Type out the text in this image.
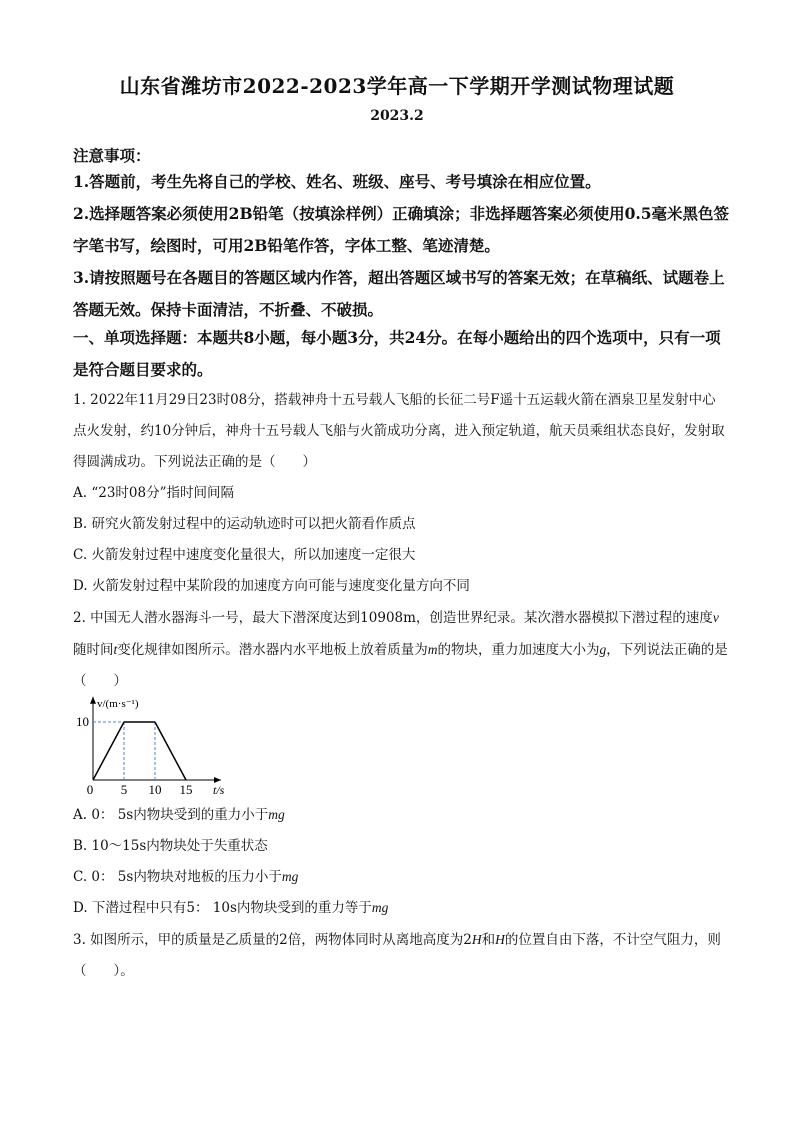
山东省潍坊市2022-2023学年高一下学期开学测试物理试题
2023.2

注意事项：

1.答题前，考生先将自己的学校、姓名、班级、座号、考号填涂在相应位置。

2.选择题答案必须使用2B铅笔（按填涂样例）正确填涂；非选择题答案必须使用0.5毫米黑色签字笔书写，绘图时，可用2B铅笔作答，字体工整、笔迹清楚。

3.请按照题号在各题目的答题区域内作答，超出答题区域书写的答案无效；在草稿纸、试题卷上答题无效。保持卡面清洁，不折叠、不破损。

一、单项选择题：本题共8小题，每小题3分，共24分。在每小题给出的四个选项中，只有一项是符合题目要求的。

1. 2022年11月29日23时08分，搭载神舟十五号载人飞船的长征二号F遥十五运载火箭在酒泉卫星发射中心点火发射，约10分钟后，神舟十五号载人飞船与火箭成功分离，进入预定轨道，航天员乘组状态良好，发射取得圆满成功。下列说法正确的是（　　）

A. “23时08分”指时间间隔

B. 研究火箭发射过程中的运动轨迹时可以把火箭看作质点

C. 火箭发射过程中速度变化量很大，所以加速度一定很大

D. 火箭发射过程中某阶段的加速度方向可能与速度变化量方向不同

2. 中国无人潜水器海斗一号，最大下潜深度达到10908m，创造世界纪录。某次潜水器模拟下潜过程的速度v随时间t变化规律如图所示。潜水器内水平地板上放着质量为m的物块，重力加速度大小为g，下列说法正确的是（　　）

0 5 10 15
10
t/s
v/(m·s⁻¹)

A. 0： 5s内物块受到的重力小于mg

B. 10～15s内物块处于失重状态

C. 0： 5s内物块对地板的压力小于mg

D. 下潜过程中只有5： 10s内物块受到的重力等于mg

3. 如图所示，甲的质量是乙质量的2倍，两物体同时从离地高度为2H和H的位置自由下落，不计空气阻力，则（　　）。
